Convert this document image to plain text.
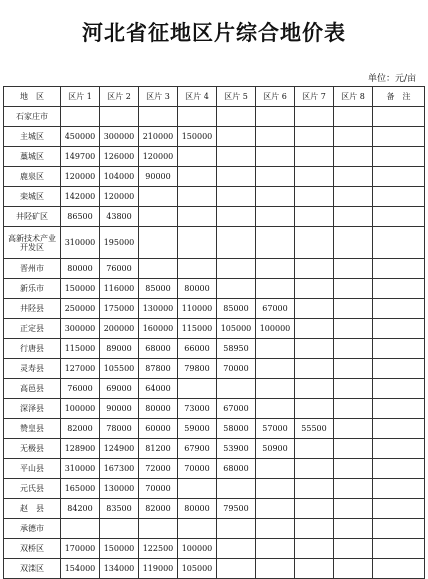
河北省征地区片综合地价表
单位：元/亩
地　区	区片 1	区片 2	区片 3	区片 4	区片 5	区片 6	区片 7	区片 8	备　注
石家庄市									
主城区	450000	300000	210000	150000					
藁城区	149700	126000	120000						
鹿泉区	120000	104000	90000						
栾城区	142000	120000							
井陉矿区	86500	43800							
高新技术产业开发区	310000	195000							
晋州市	80000	76000							
新乐市	150000	116000	85000	80000					
井陉县	250000	175000	130000	110000	85000	67000			
正定县	300000	200000	160000	115000	105000	100000			
行唐县	115000	89000	68000	66000	58950				
灵寿县	127000	105500	87800	79800	70000				
高邑县	76000	69000	64000						
深泽县	100000	90000	80000	73000	67000				
赞皇县	82000	78000	60000	59000	58000	57000	55500		
无极县	128900	124900	81200	67900	53900	50900			
平山县	310000	167300	72000	70000	68000				
元氏县	165000	130000	70000						
赵　县	84200	83500	82000	80000	79500				
承德市									
双桥区	170000	150000	122500	100000					
双滦区	154000	134000	119000	105000					
